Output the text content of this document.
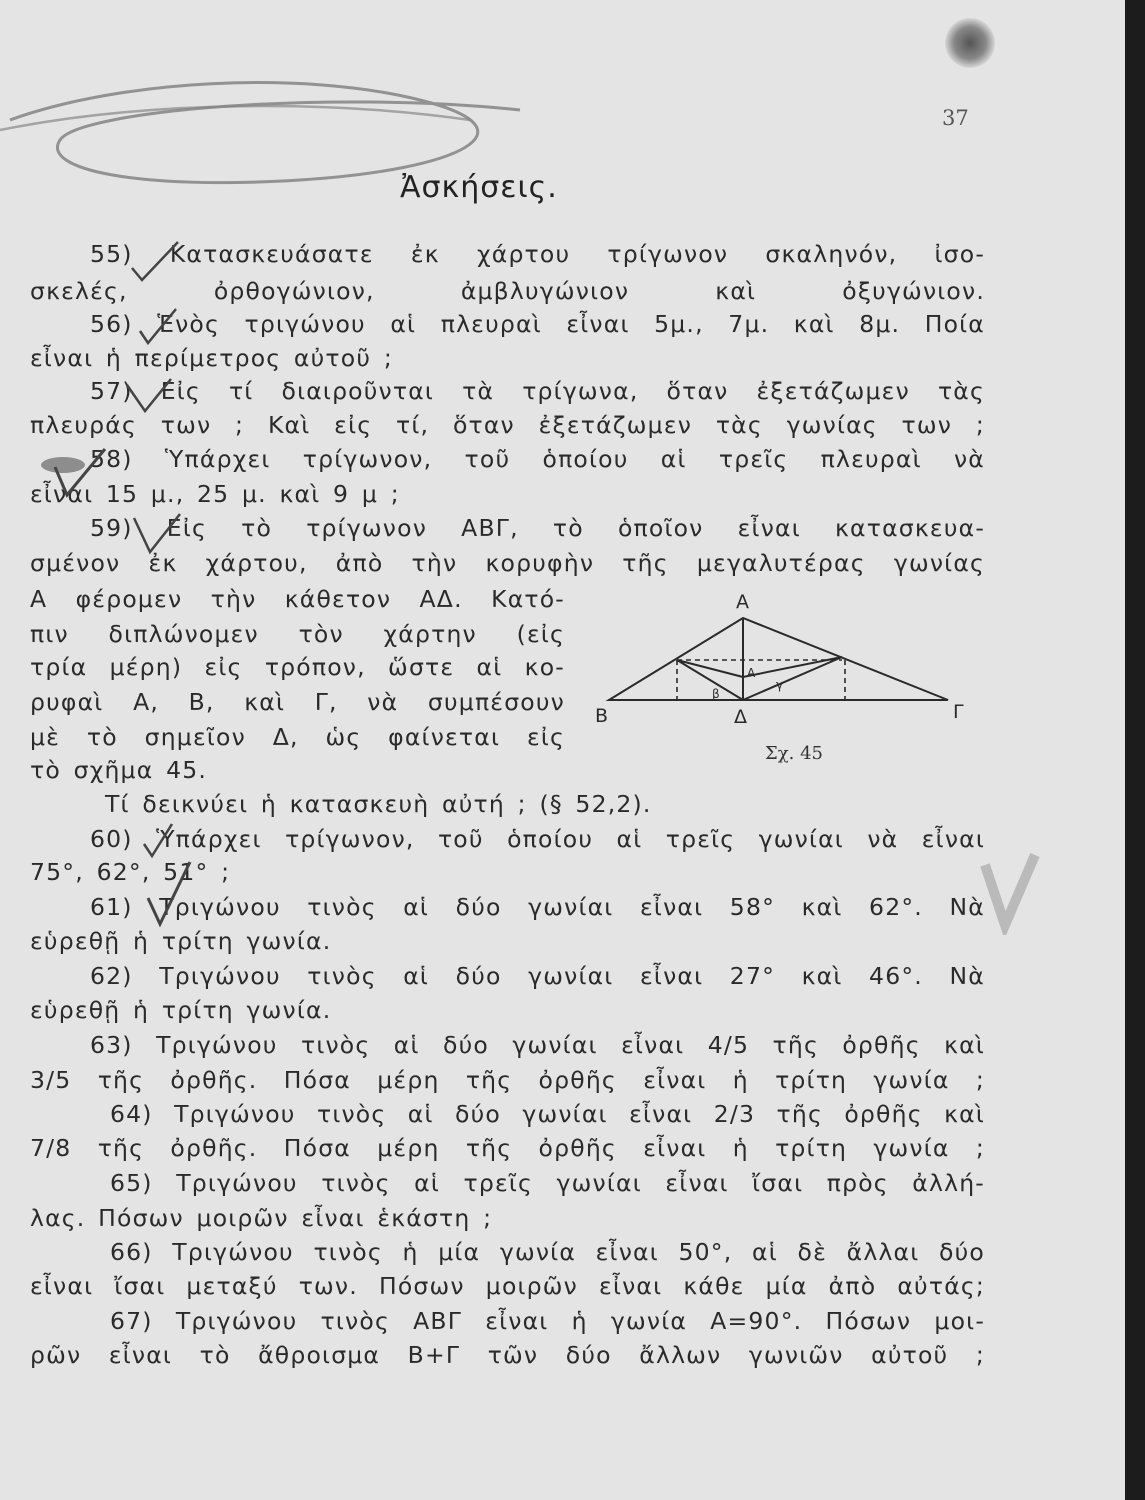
37
Ἀσκήσεις.
55) Κατασκευάσατε ἐκ χάρτου τρίγωνον σκαληνόν, ἰσο-
σκελές, ὀρθογώνιον, ἀμβλυγώνιον καὶ ὀξυγώνιον.
56) Ἑνὸς τριγώνου αἱ πλευραὶ εἶναι 5μ., 7μ. καὶ 8μ. Ποία
εἶναι ἡ περίμετρος αὐτοῦ ;
57) Εἰς τί διαιροῦνται τὰ τρίγωνα, ὅταν ἐξετάζωμεν τὰς
πλευράς των ; Καὶ εἰς τί, ὅταν ἐξετάζωμεν τὰς γωνίας των ;
58) Ὑπάρχει τρίγωνον, τοῦ ὁποίου αἱ τρεῖς πλευραὶ νὰ
εἶναι 15 μ., 25 μ. καὶ 9 μ ;
59) Εἰς τὸ τρίγωνον ΑΒΓ, τὸ ὁποῖον εἶναι κατασκευα-
σμένον ἐκ χάρτου, ἀπὸ τὴν κορυφὴν τῆς μεγαλυτέρας γωνίας
Α φέρομεν τὴν κάθετον ΑΔ. Κατό-
πιν διπλώνομεν τὸν χάρτην (εἰς
τρία μέρη) εἰς τρόπον, ὥστε αἱ κο-
ρυφαὶ Α, Β, καὶ Γ, νὰ συμπέσουν
μὲ τὸ σημεῖον Δ, ὡς φαίνεται εἰς
τὸ σχῆμα 45.
Τί δεικνύει ἡ κατασκευὴ αὐτή ; (§ 52,2).
60) Ὑπάρχει τρίγωνον, τοῦ ὁποίου αἱ τρεῖς γωνίαι νὰ εἶναι
75°, 62°, 51° ;
61) Τριγώνου τινὸς αἱ δύο γωνίαι εἶναι 58° καὶ 62°. Νὰ
εὑρεθῇ ἡ τρίτη γωνία.
62) Τριγώνου τινὸς αἱ δύο γωνίαι εἶναι 27° καὶ 46°. Νὰ
εὑρεθῇ ἡ τρίτη γωνία.
63) Τριγώνου τινὸς αἱ δύο γωνίαι εἶναι 4/5 τῆς ὀρθῆς καὶ
3/5 τῆς ὀρθῆς. Πόσα μέρη τῆς ὀρθῆς εἶναι ἡ τρίτη γωνία ;
64) Τριγώνου τινὸς αἱ δύο γωνίαι εἶναι 2/3 τῆς ὀρθῆς καὶ
7/8 τῆς ὀρθῆς. Πόσα μέρη τῆς ὀρθῆς εἶναι ἡ τρίτη γωνία ;
65) Τριγώνου τινὸς αἱ τρεῖς γωνίαι εἶναι ἴσαι πρὸς ἀλλή-
λας. Πόσων μοιρῶν εἶναι ἑκάστη ;
66) Τριγώνου τινὸς ἡ μία γωνία εἶναι 50°, αἱ δὲ ἄλλαι δύο
εἶναι ἴσαι μεταξύ των. Πόσων μοιρῶν εἶναι κάθε μία ἀπὸ αὐτάς;
67) Τριγώνου τινὸς ΑΒΓ εἶναι ἡ γωνία Α=90°. Πόσων μοι-
ρῶν εἶναι τὸ ἄθροισμα Β+Γ τῶν δύο ἄλλων γωνιῶν αὐτοῦ ;
Α
Β	Γ
Δ
Α
β
γ
Σχ. 45
